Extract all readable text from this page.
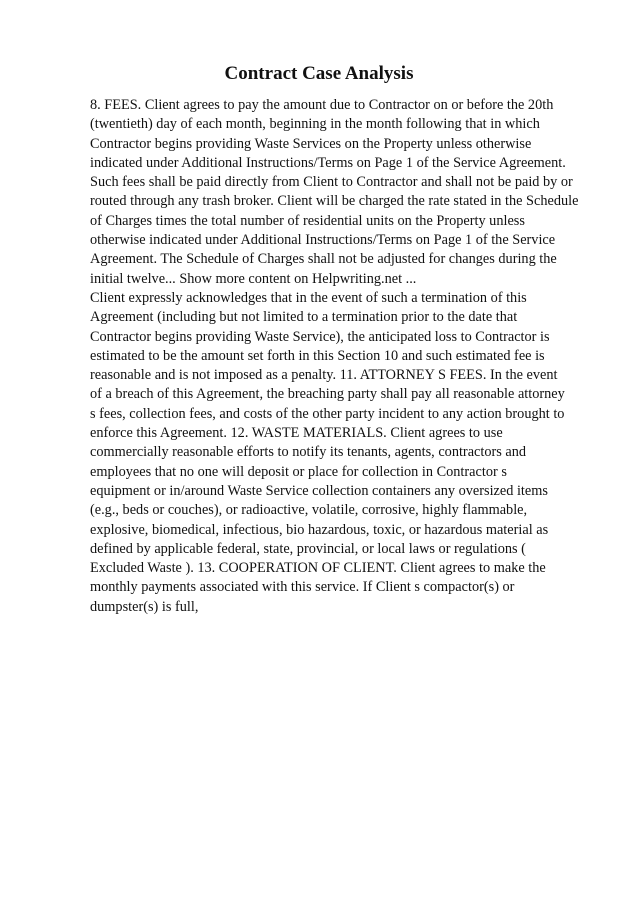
Contract Case Analysis
8. FEES. Client agrees to pay the amount due to Contractor on or before the 20th
(twentieth) day of each month, beginning in the month following that in which
Contractor begins providing Waste Services on the Property unless otherwise
indicated under Additional Instructions/Terms on Page 1 of the Service Agreement.
Such fees shall be paid directly from Client to Contractor and shall not be paid by or
routed through any trash broker. Client will be charged the rate stated in the Schedule
of Charges times the total number of residential units on the Property unless
otherwise indicated under Additional Instructions/Terms on Page 1 of the Service
Agreement. The Schedule of Charges shall not be adjusted for changes during the
initial twelve... Show more content on Helpwriting.net ...
Client expressly acknowledges that in the event of such a termination of this
Agreement (including but not limited to a termination prior to the date that
Contractor begins providing Waste Service), the anticipated loss to Contractor is
estimated to be the amount set forth in this Section 10 and such estimated fee is
reasonable and is not imposed as a penalty. 11. ATTORNEY S FEES. In the event
of a breach of this Agreement, the breaching party shall pay all reasonable attorney
s fees, collection fees, and costs of the other party incident to any action brought to
enforce this Agreement. 12. WASTE MATERIALS. Client agrees to use
commercially reasonable efforts to notify its tenants, agents, contractors and
employees that no one will deposit or place for collection in Contractor s
equipment or in/around Waste Service collection containers any oversized items
(e.g., beds or couches), or radioactive, volatile, corrosive, highly flammable,
explosive, biomedical, infectious, bio hazardous, toxic, or hazardous material as
defined by applicable federal, state, provincial, or local laws or regulations (
Excluded Waste ). 13. COOPERATION OF CLIENT. Client agrees to make the
monthly payments associated with this service. If Client s compactor(s) or
dumpster(s) is full,
